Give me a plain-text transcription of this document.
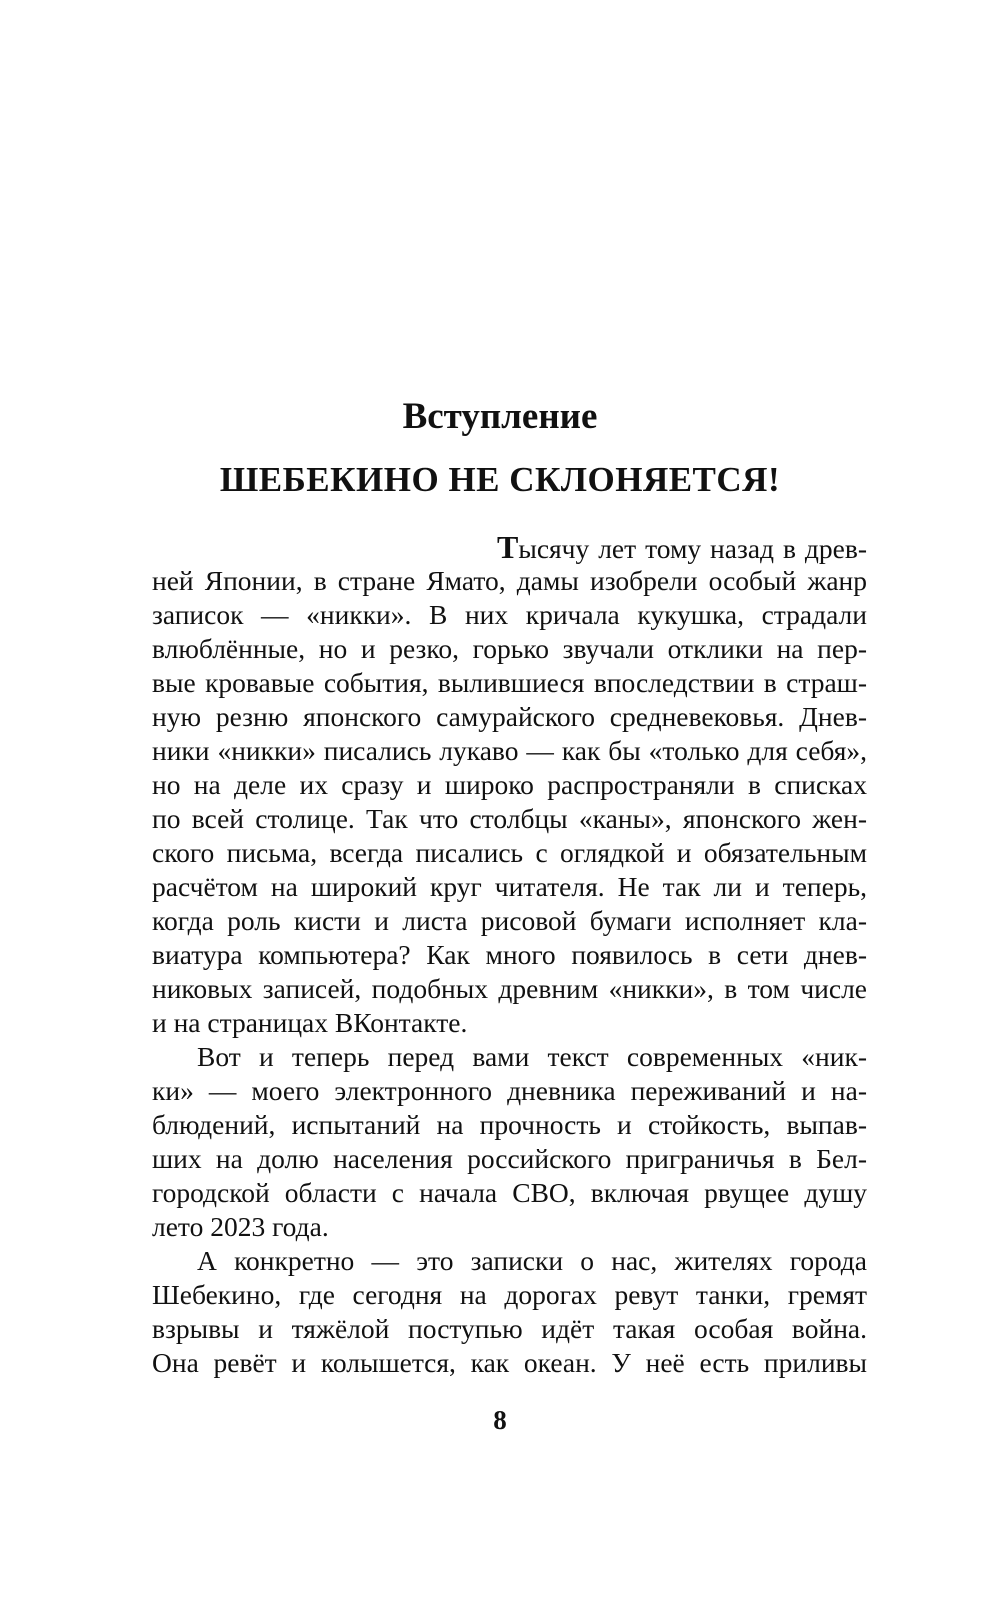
Вступление
ШЕБЕКИНО НЕ СКЛОНЯЕТСЯ!
Тысячу лет тому назад в древ-
ней Японии, в стране Ямато, дамы изобрели особый жанр
записок — «никки». В них кричала кукушка, страдали
влюблённые, но и резко, горько звучали отклики на пер-
вые кровавые события, вылившиеся впоследствии в страш-
ную резню японского самурайского средневековья. Днев-
ники «никки» писались лукаво — как бы «только для себя»,
но на деле их сразу и широко распространяли в списках
по всей столице. Так что столбцы «каны», японского жен-
ского письма, всегда писались с оглядкой и обязательным
расчётом на широкий круг читателя. Не так ли и теперь,
когда роль кисти и листа рисовой бумаги исполняет кла-
виатура компьютера? Как много появилось в сети днев-
никовых записей, подобных древним «никки», в том числе
и на страницах ВКонтакте.
Вот и теперь перед вами текст современных «ник-
ки» — моего электронного дневника переживаний и на-
блюдений, испытаний на прочность и стойкость, выпав-
ших на долю населения российского приграничья в Бел-
городской области с начала СВО, включая рвущее душу
лето 2023 года.
А конкретно — это записки о нас, жителях города
Шебекино, где сегодня на дорогах ревут танки, гремят
взрывы и тяжёлой поступью идёт такая особая война.
Она ревёт и колышется, как океан. У неё есть приливы
8
